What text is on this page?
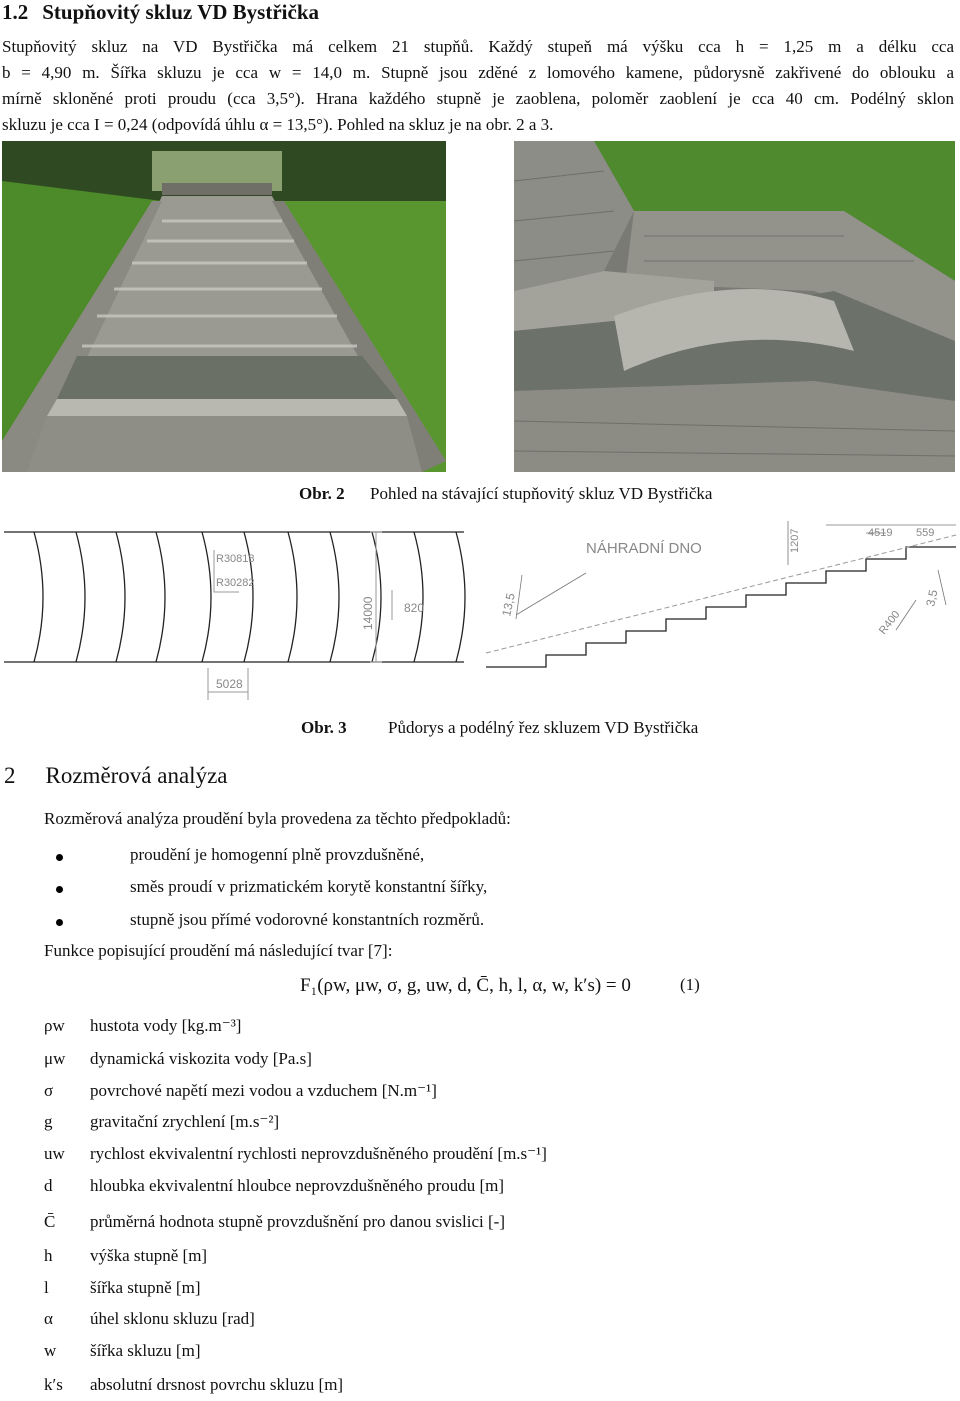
1.2 Stupňovitý skluz VD Bystřička
Stupňovitý skluz na VD Bystřička má celkem 21 stupňů. Každý stupeň má výšku cca h = 1,25 m a délku cca
b = 4,90 m. Šířka skluzu je cca w = 14,0 m. Stupně jsou zděné z lomového kamene, půdorysně zakřivené do oblouku a
mírně skloněné proti proudu (cca 3,5°). Hrana každého stupně je zaoblena, poloměr zaoblení je cca 40 cm. Podélný sklon
skluzu je cca I = 0,24 (odpovídá úhlu α = 13,5°). Pohled na skluz je na obr. 2 a 3.
Obr. 2 Pohled na stávající stupňovitý skluz VD Bystřička
R30818
R30282
14000 820
5028
NÁHRADNÍ DNO
4519 559
1207
13,5	3,5
R400
Obr. 3 Půdorys a podélný řez skluzem VD Bystřička
2 Rozměrová analýza
Rozměrová analýza proudění byla provedena za těchto předpokladů:
proudění je homogenní plně provzdušněné,
směs proudí v prizmatickém korytě konstantní šířky,
stupně jsou přímé vodorovné konstantních rozměrů.
Funkce popisující proudění má následující tvar [7]:
F₁(ρw, μw, σ, g, uw, d, C̄, h, l, α, w, k′s) = 0	(1)
ρw hustota vody [kg.m⁻³]
μw dynamická viskozita vody [Pa.s]
σ povrchové napětí mezi vodou a vzduchem [N.m⁻¹]
g gravitační zrychlení [m.s⁻²]
uw rychlost ekvivalentní rychlosti neprovzdušněného proudění [m.s⁻¹]
d hloubka ekvivalentní hloubce neprovzdušněného proudu [m]
C̄ průměrná hodnota stupně provzdušnění pro danou svislici [-]
h výška stupně [m]
l šířka stupně [m]
α úhel sklonu skluzu [rad]
w šířka skluzu [m]
k′s absolutní drsnost povrchu skluzu [m]
